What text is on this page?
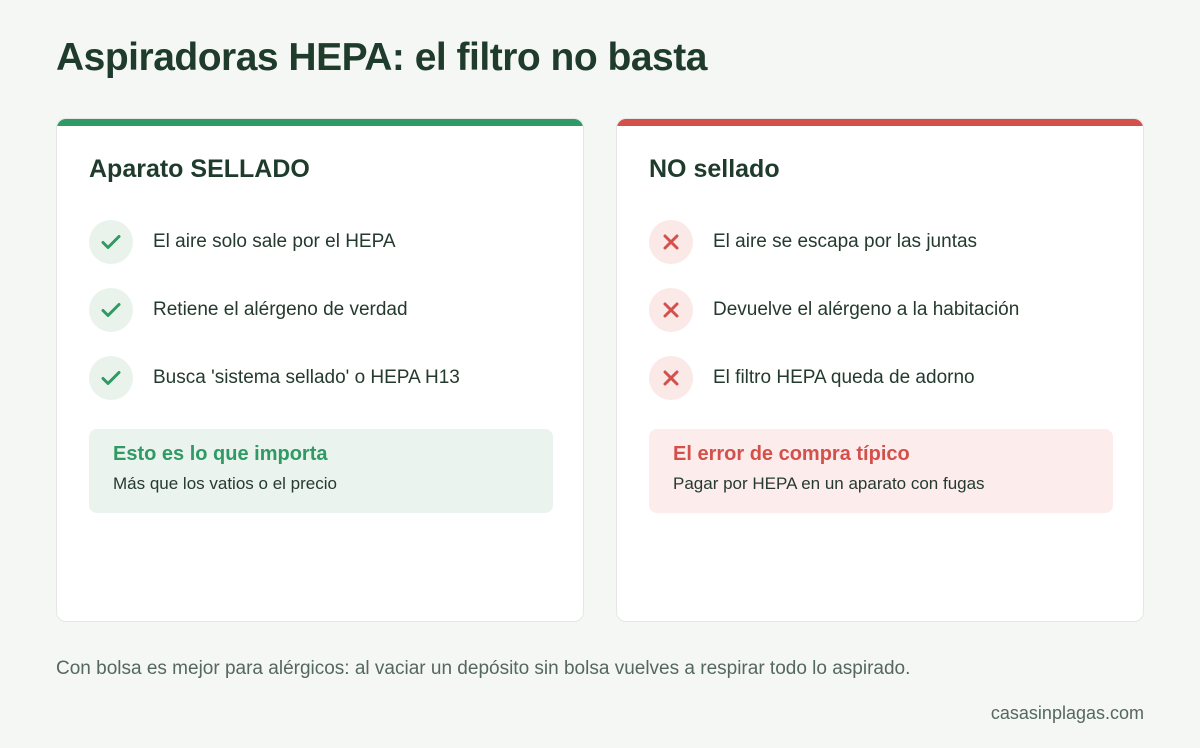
Aspiradoras HEPA: el filtro no basta
Aparato SELLADO
El aire solo sale por el HEPA
Retiene el alérgeno de verdad
Busca 'sistema sellado' o HEPA H13
Esto es lo que importa
Más que los vatios o el precio
NO sellado
El aire se escapa por las juntas
Devuelve el alérgeno a la habitación
El filtro HEPA queda de adorno
El error de compra típico
Pagar por HEPA en un aparato con fugas
Con bolsa es mejor para alérgicos: al vaciar un depósito sin bolsa vuelves a respirar todo lo aspirado.
casasinplagas.com
